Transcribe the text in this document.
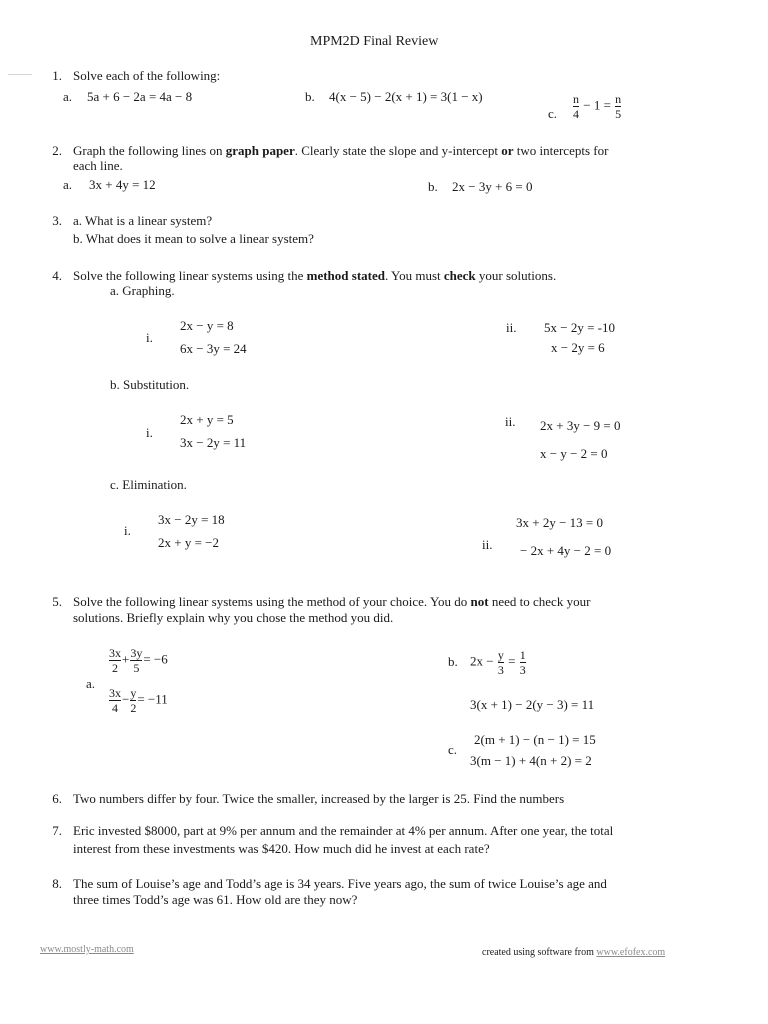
MPM2D Final Review
1. Solve each of the following:
a. 5a + 6 − 2a = 4a − 8	b. 4(x − 5) − 2(x + 1) = 3(1 − x)
c. $\frac{n}{4} - 1 = \frac{n}{5}$
2. Graph the following lines on graph paper. Clearly state the slope and y-intercept or two intercepts for
each line.
a. 3x + 4y = 12	b. 2x − 3y + 6 = 0
3. a. What is a linear system?
b. What does it mean to solve a linear system?
4. Solve the following linear systems using the method stated. You must check your solutions.
a. Graphing.
i.
2x − y = 8
6x − 3y = 24
ii. 5x − 2y = -10
x − 2y = 6
b. Substitution.
i.
2x + y = 5
3x − 2y = 11
ii. 2x + 3y − 9 = 0
x − y − 2 = 0
c. Elimination.
i.
3x − 2y = 18
2x + y = −2	ii.
3x + 2y − 13 = 0
− 2x + 4y − 2 = 0
5. Solve the following linear systems using the method of your choice. You do not need to check your
solutions. Briefly explain why you chose the method you did.
a.
$\frac{3x}{2} + \frac{3y}{5} = -6$
$\frac{3x}{4} - \frac{y}{2} = -11$
b. $2x - \frac{y}{3} = \frac{1}{3}$
3(x + 1) − 2(y − 3) = 11
c.
2(m + 1) − (n − 1) = 15
3(m − 1) + 4(n + 2) = 2
6. Two numbers differ by four. Twice the smaller, increased by the larger is 25. Find the numbers
7. Eric invested $8000, part at 9% per annum and the remainder at 4% per annum. After one year, the total
interest from these investments was $420. How much did he invest at each rate?
8. The sum of Louise’s age and Todd’s age is 34 years. Five years ago, the sum of twice Louise’s age and
three times Todd’s age was 61. How old are they now?
www.mostly-math.com	created using software from www.efofex.com
